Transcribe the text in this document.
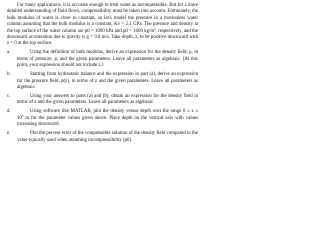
For many applications, it is accurate enough to treat water as incompressible. But for a more detailed understanding of fluid flows, compressibility must be taken into account. Fortunately, the bulk modulus of water is close to constant, so let's model the pressure in a motionless water column assuming that the bulk modulus is a constant, Kv = 2.1 GPa. The pressure and density at the top surface of the water column are p0 = 1000 kPa and ρ0 = 1000 kg/m³, respectively, and the downward acceleration due to gravity is g = 9.8 m/s. Take depth, z, to be positive downward with z = 0 at the top surface.

a.	Using the definition of bulk modulus, derive an expression for the density field, ρ, in terms of pressure, p, and the given parameters. Leave all parameters as algebraic. (At this point, your expression should not include z.)

b.	Starting from hydrostatic balance and the expression in part (a), derive an expression for the pressure field, p(z), in terms of z and the given parameters. Leave all parameters as algebraic.

c.	Using your answers to parts (a) and (b), obtain an expression for the density field in terms of z and the given parameters. Leave all parameters as algebraic.

d.	Using software like MATLAB, plot the density versus depth over the range 0 ≤ z ≤ 10⁷ m for the parameter values given above. Place depth on the vertical axis with values increasing downward.

e.	Plot the percent error of the compressible solution of the density field compared to the value typically used when assuming incompressibility (ρ0).
